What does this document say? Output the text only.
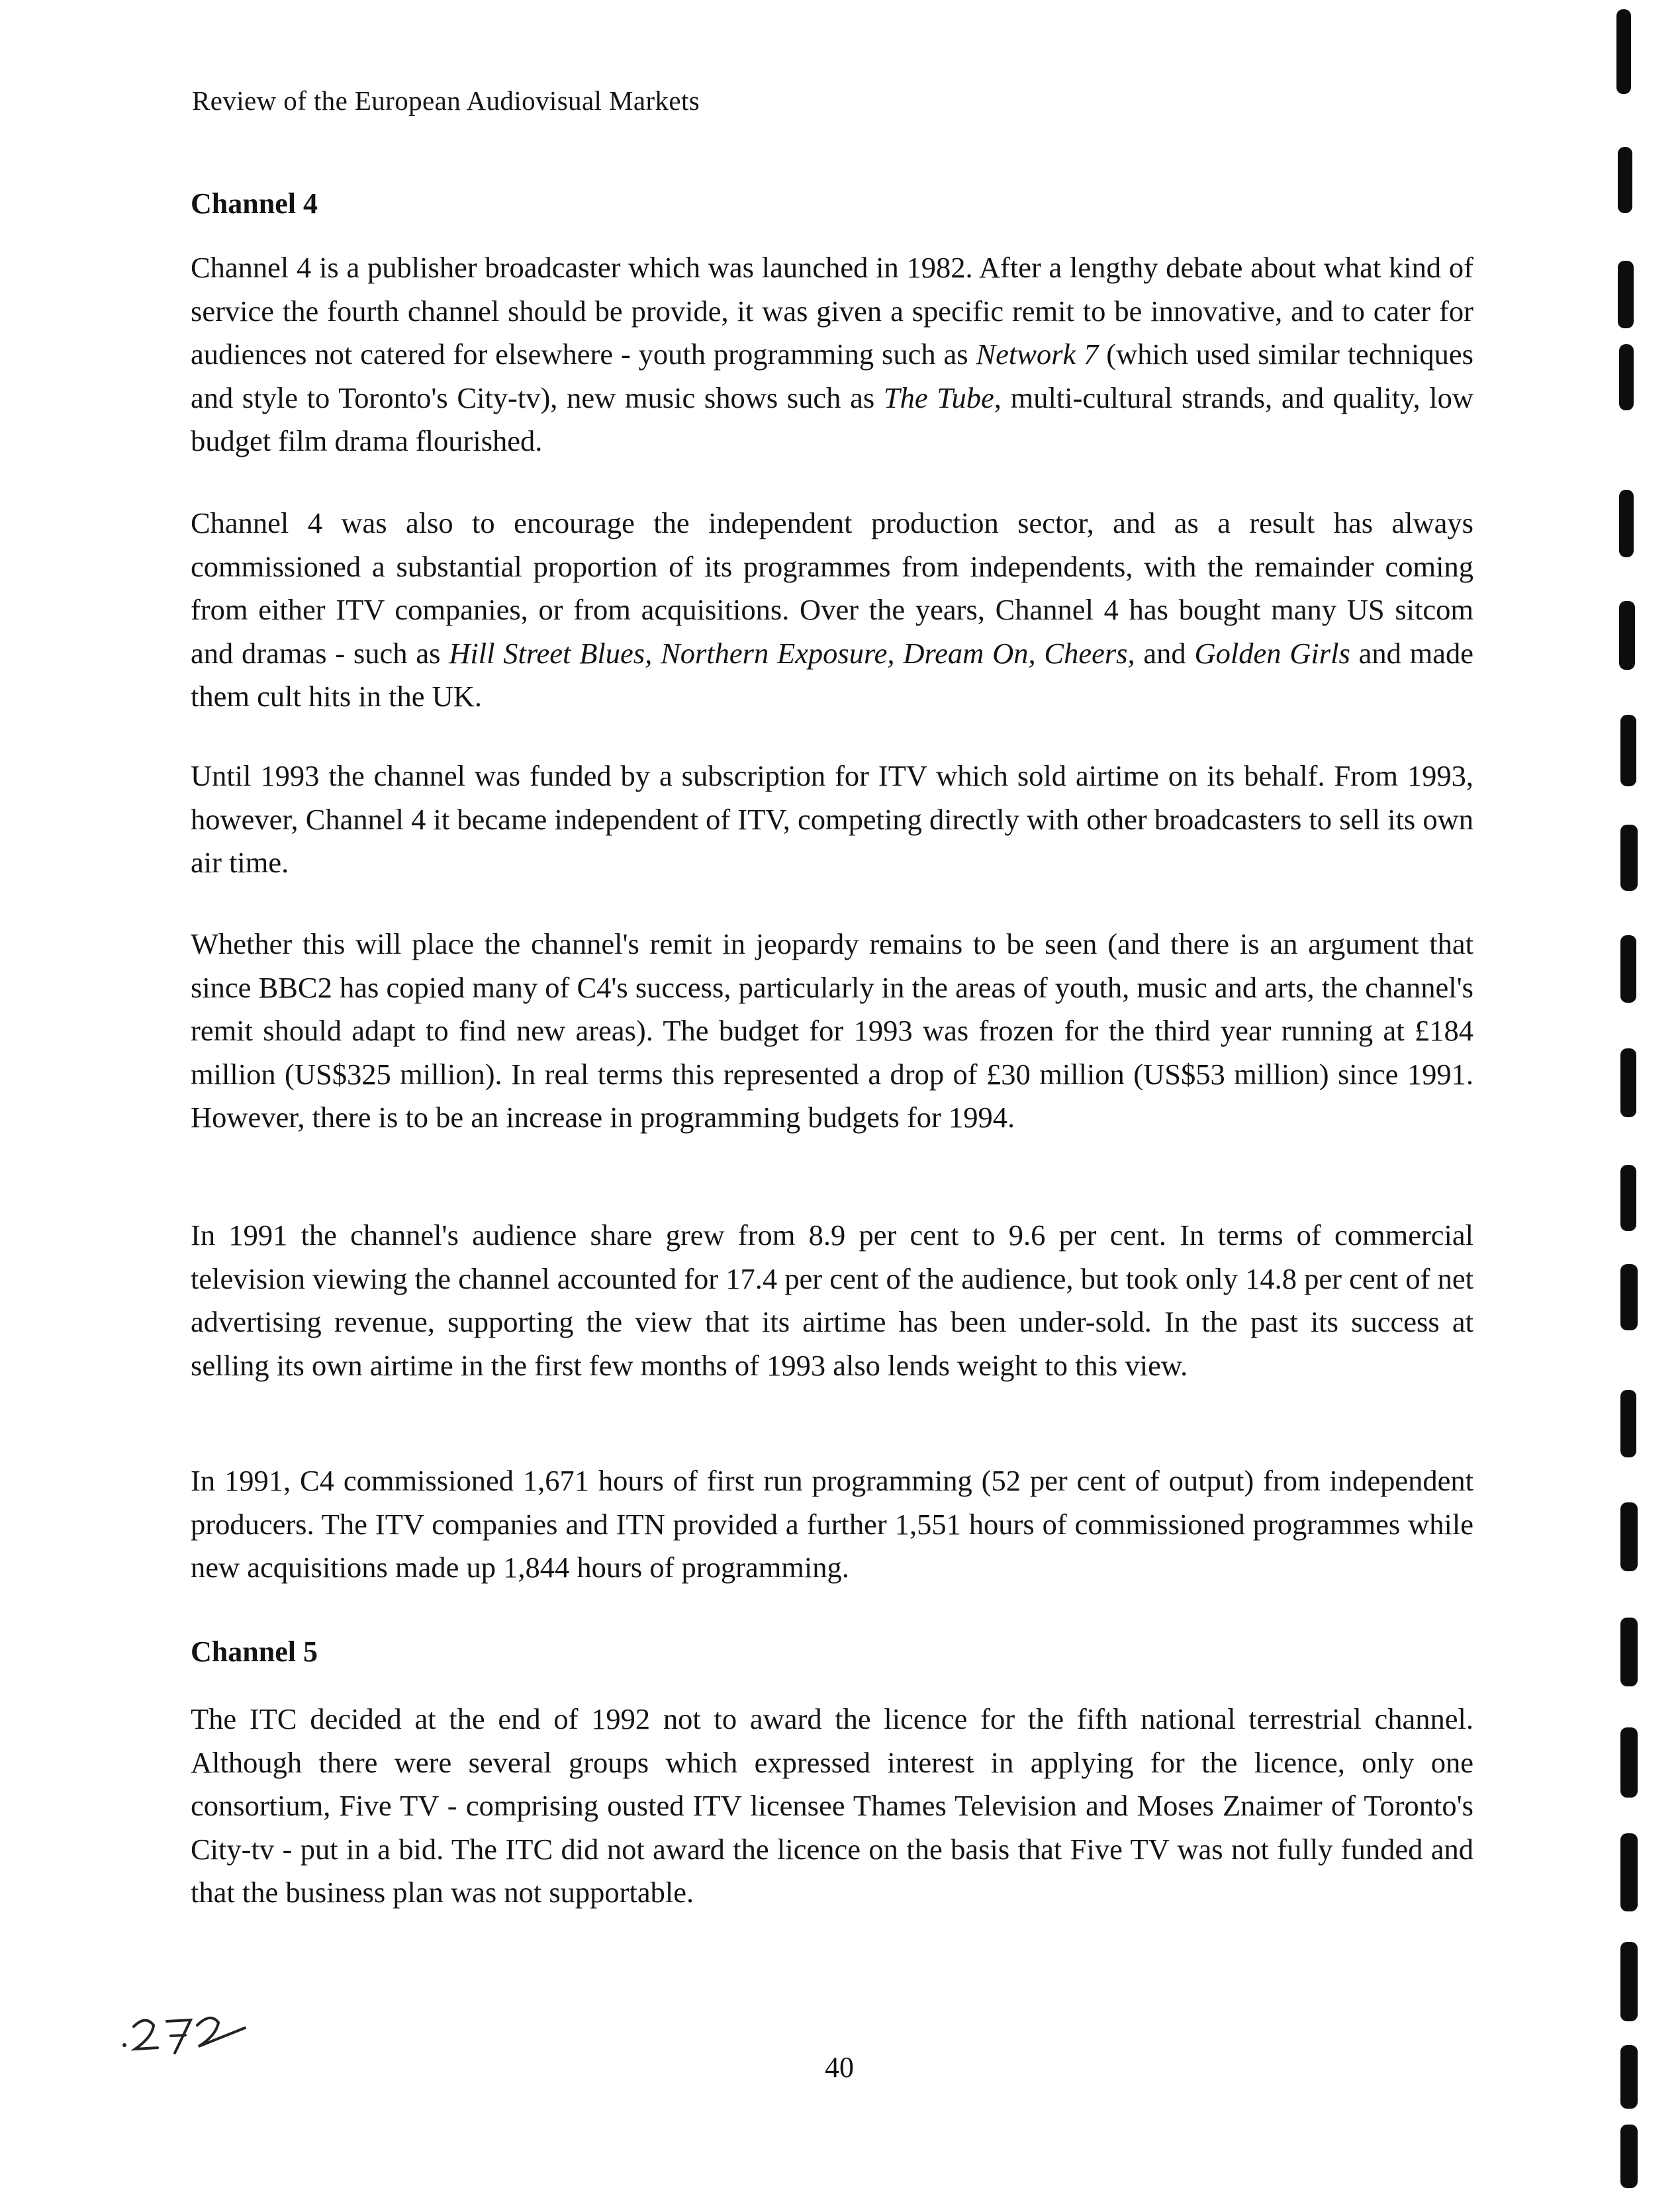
Review of the European Audiovisual Markets
Channel 4

Channel 4 is a publisher broadcaster which was launched in 1982. After a lengthy debate about what kind of service the fourth channel should be provide, it was given a specific remit to be innovative, and to cater for audiences not catered for elsewhere - youth programming such as Network 7 (which used similar techniques and style to Toronto's City-tv), new music shows such as The Tube, multi-cultural strands, and quality, low budget film drama flourished.

Channel 4 was also to encourage the independent production sector, and as a result has always commissioned a substantial proportion of its programmes from independents, with the remainder coming from either ITV companies, or from acquisitions. Over the years, Channel 4 has bought many US sitcom and dramas - such as Hill Street Blues, Northern Exposure, Dream On, Cheers, and Golden Girls and made them cult hits in the UK.

Until 1993 the channel was funded by a subscription for ITV which sold airtime on its behalf. From 1993, however, Channel 4 it became independent of ITV, competing directly with other broadcasters to sell its own air time.

Whether this will place the channel's remit in jeopardy remains to be seen (and there is an argument that since BBC2 has copied many of C4's success, particularly in the areas of youth, music and arts, the channel's remit should adapt to find new areas). The budget for 1993 was frozen for the third year running at £184 million (US$325 million). In real terms this represented a drop of £30 million (US$53 million) since 1991. However, there is to be an increase in programming budgets for 1994.

In 1991 the channel's audience share grew from 8.9 per cent to 9.6 per cent. In terms of commercial television viewing the channel accounted for 17.4 per cent of the audience, but took only 14.8 per cent of net advertising revenue, supporting the view that its airtime has been under-sold. In the past its success at selling its own airtime in the first few months of 1993 also lends weight to this view.

In 1991, C4 commissioned 1,671 hours of first run programming (52 per cent of output) from independent producers. The ITV companies and ITN provided a further 1,551 hours of commissioned programmes while new acquisitions made up 1,844 hours of programming.

Channel 5

The ITC decided at the end of 1992 not to award the licence for the fifth national terrestrial channel. Although there were several groups which expressed interest in applying for the licence, only one consortium, Five TV - comprising ousted ITV licensee Thames Television and Moses Znaimer of Toronto's City-tv - put in a bid. The ITC did not award the licence on the basis that Five TV was not fully funded and that the business plan was not supportable.

40
